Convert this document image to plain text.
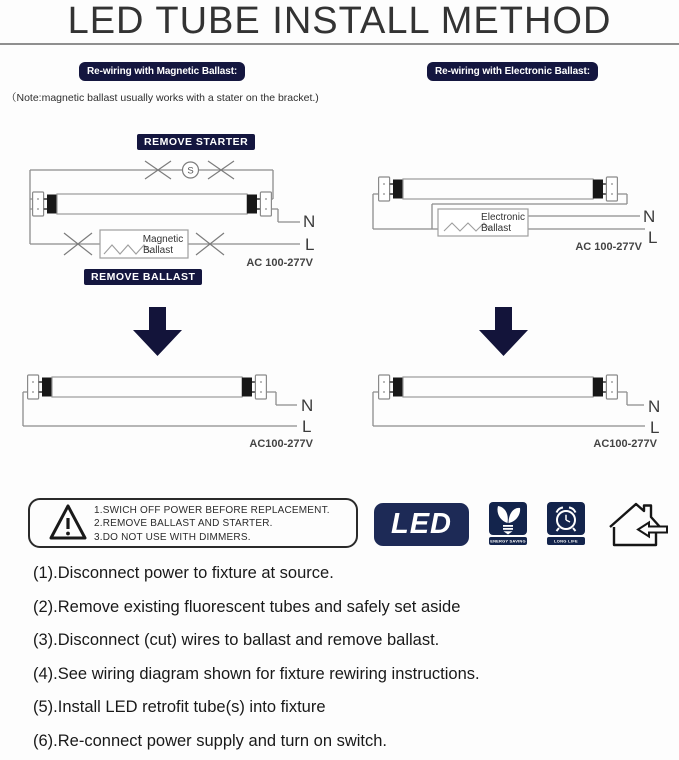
LED TUBE INSTALL METHOD
Re-wiring with Magnetic Ballast:	Re-wiring with Electronic Ballast:
（Note:magnetic ballast usually works with a stater on the bracket.)
REMOVE STARTER
REMOVE BALLAST
S
Magnetic
Ballast
N
L
AC 100-277V
Electronic
Ballast
N
L
AC 100-277V
N
L
AC100-277V
N
L
AC100-277V
1.SWICH OFF POWER BEFORE REPLACEMENT.
2.REMOVE BALLAST AND STARTER.
3.DO NOT USE WITH DIMMERS.	LED
ENERGY SAVING	LONG LIFE
(1).Disconnect power to fixture at source.
(2).Remove existing fluorescent tubes and safely set aside
(3).Disconnect (cut) wires to ballast and remove ballast.
(4).See wiring diagram shown for fixture rewiring instructions.
(5).Install LED retrofit tube(s) into fixture
(6).Re-connect power supply and turn on switch.
